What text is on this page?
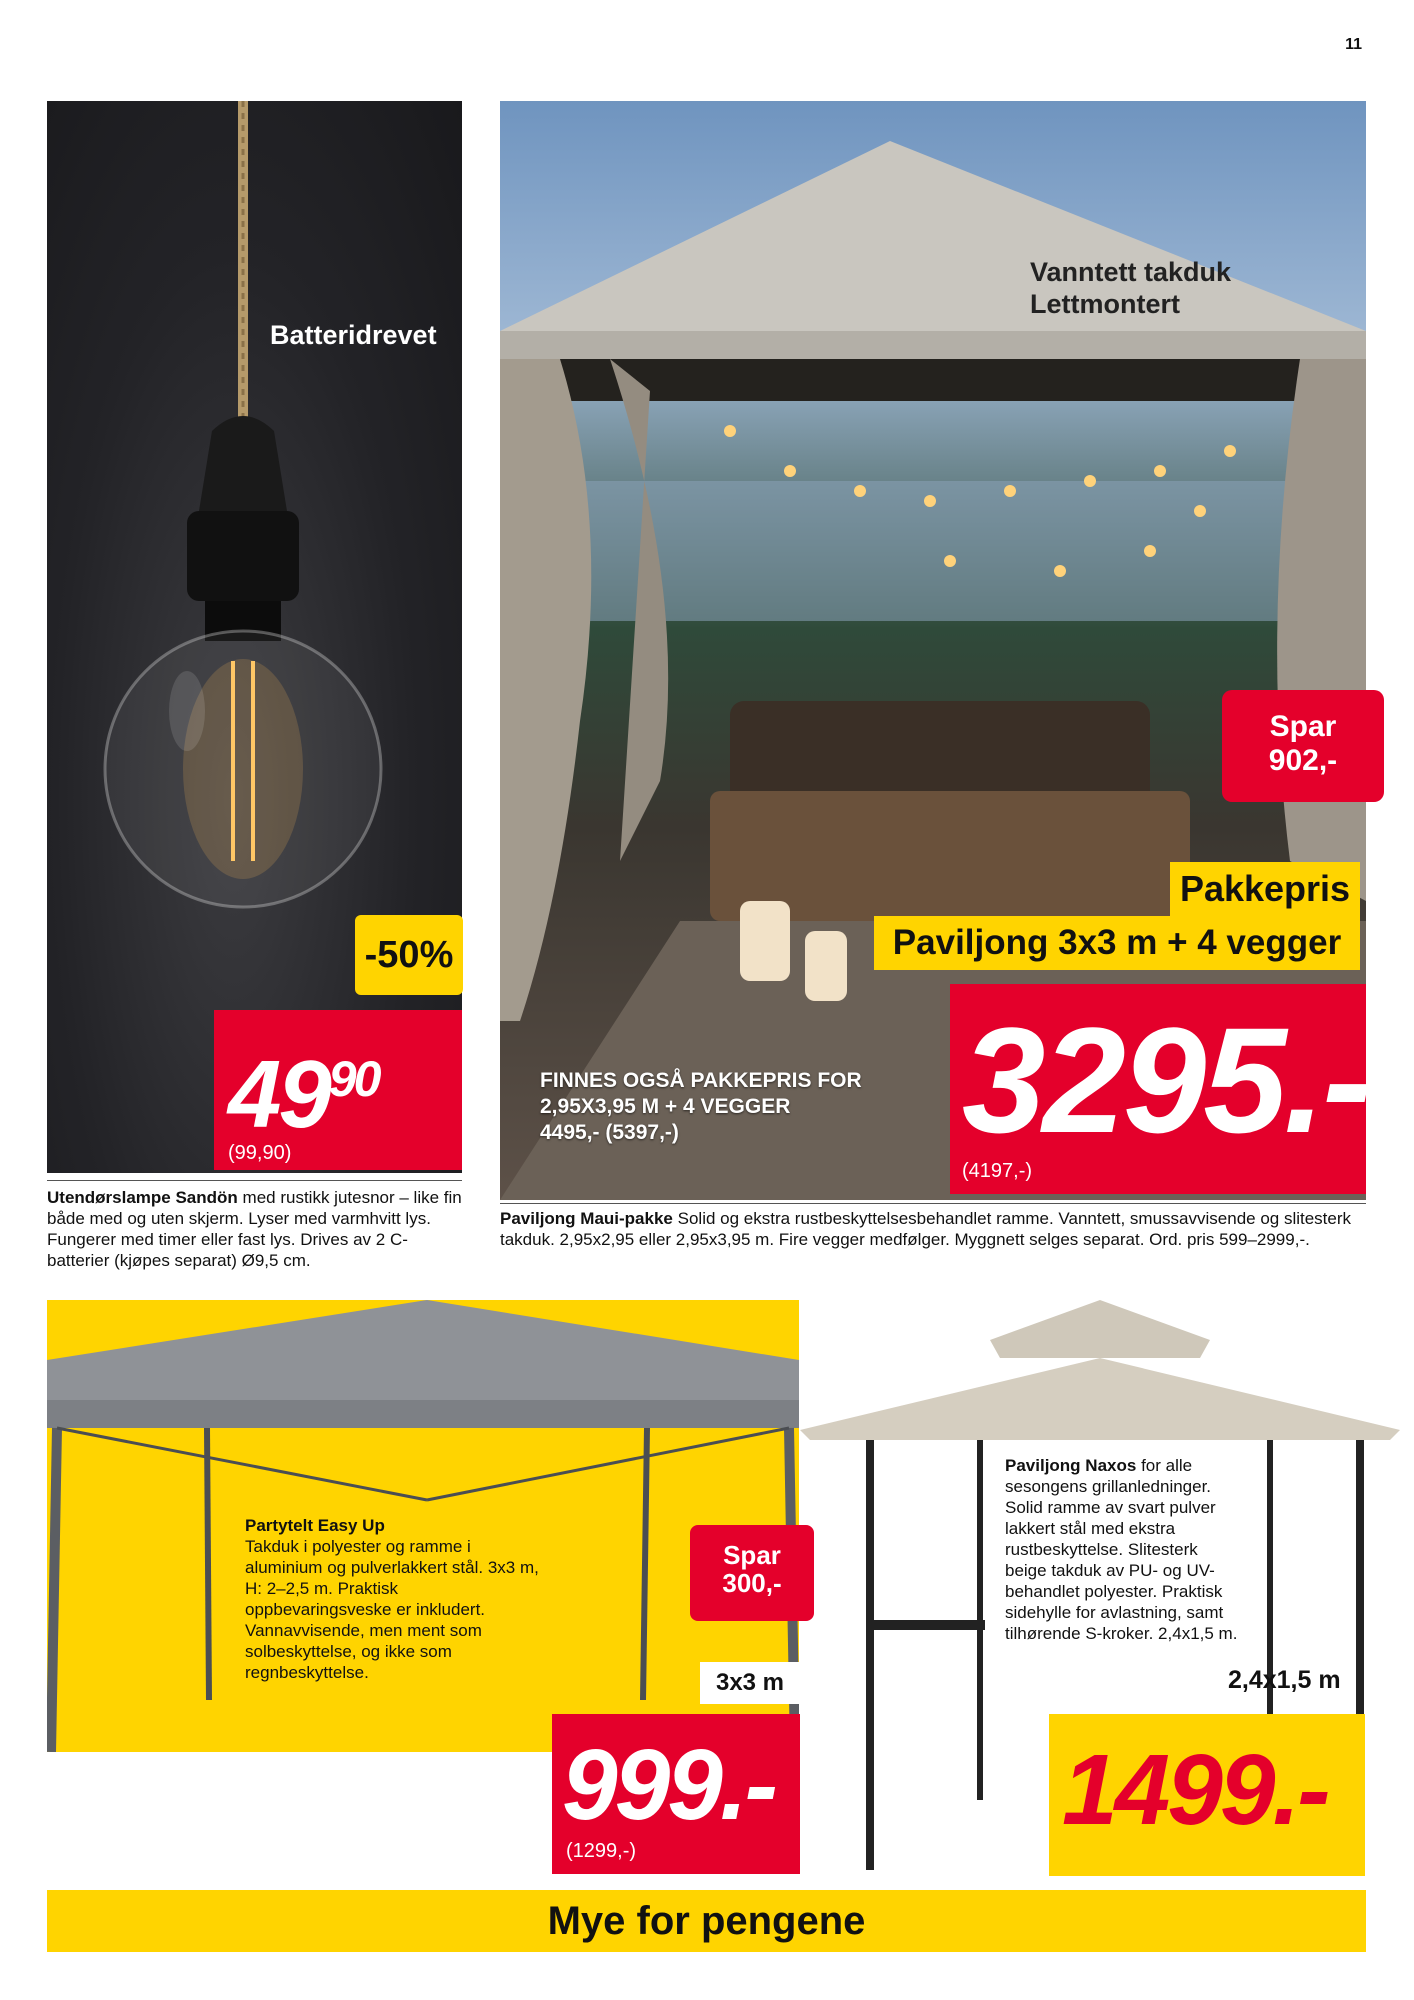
11
Batteridrevet
-50%
$49^{90}$
(99,90)
Vanntett takduk
Lettmontert
Spar
902,-
Pakkepris
Paviljong 3x3 m + 4 vegger
3295.-
(4197,-)
FINNES OGSÅ PAKKEPRIS FOR
2,95X3,95 M + 4 VEGGER
4495,- (5397,-)
Utendørslampe Sandön med rustikk jutesnor – like fin både med og uten skjerm. Lyser med varmhvitt lys. Fungerer med timer eller fast lys. Drives av 2 C-batterier (kjøpes separat) Ø9,5 cm.
Paviljong Maui-pakke Solid og ekstra rustbeskyttelsesbehandlet ramme. Vanntett, smussavvisende og slitesterk takduk. 2,95x2,95 eller 2,95x3,95 m. Fire vegger medfølger. Myggnett selges separat. Ord. pris 599–2999,-.
Partytelt Easy Up
Takduk i polyester og ramme i aluminium og pulverlakkert stål. 3x3 m, H: 2–2,5 m. Praktisk oppbevaringsveske er inkludert. Vannavvisende, men ment som solbeskyttelse, og ikke som regnbeskyttelse.
Spar
300,-
3x3 m
999.-
(1299,-)
Paviljong Naxos for alle sesongens grillanledninger. Solid ramme av svart pulver lakkert stål med ekstra rustbeskyttelse. Slitesterk beige takduk av PU- og UV-behandlet polyester. Praktisk sidehylle for avlastning, samt tilhørende S-kroker. 2,4x1,5 m.
2,4x1,5 m
1499.-
Mye for pengene
